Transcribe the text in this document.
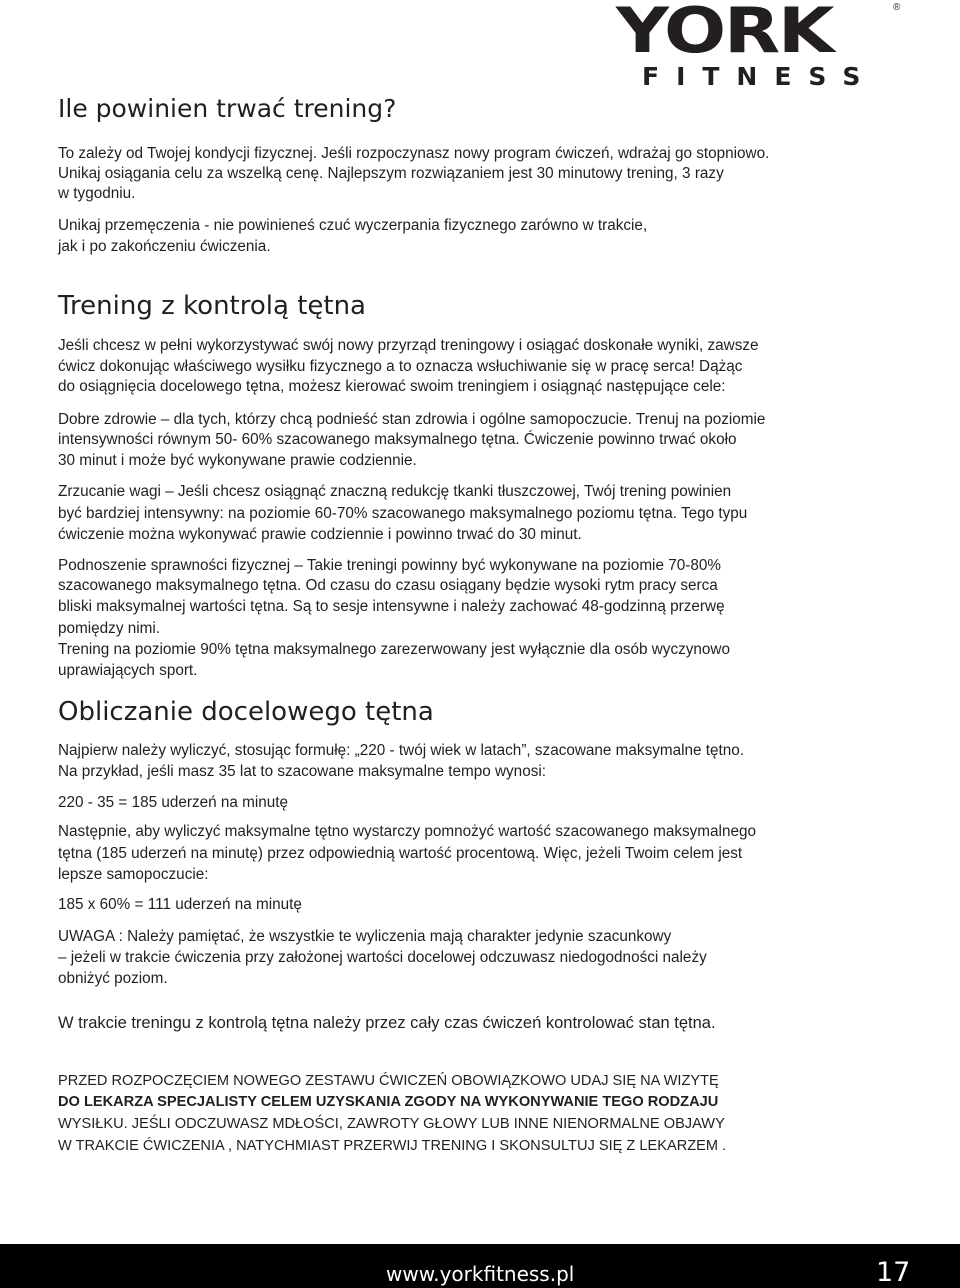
YORK	®
FITNESS
Ile powinien trwać trening?
To zależy od Twojej kondycji fizycznej. Jeśli rozpoczynasz nowy program ćwiczeń, wdrażaj go stopniowo.
Unikaj osiągania celu za wszelką cenę. Najlepszym rozwiązaniem jest 30 minutowy trening, 3 razy
w tygodniu.
Unikaj przemęczenia - nie powinieneś czuć wyczerpania fizycznego zarówno w trakcie,
jak i po zakończeniu ćwiczenia.
Trening z kontrolą tętna
Jeśli chcesz w pełni wykorzystywać swój nowy przyrząd treningowy i osiągać doskonałe wyniki, zawsze
ćwicz dokonując właściwego wysiłku fizycznego a to oznacza wsłuchiwanie się w pracę serca! Dążąc
do osiągnięcia docelowego tętna, możesz kierować swoim treningiem i osiągnąć następujące cele:
Dobre zdrowie – dla tych, którzy chcą podnieść stan zdrowia i ogólne samopoczucie. Trenuj na poziomie
intensywności równym 50- 60% szacowanego maksymalnego tętna. Ćwiczenie powinno trwać około
30 minut i może być wykonywane prawie codziennie.
Zrzucanie wagi – Jeśli chcesz osiągnąć znaczną redukcję tkanki tłuszczowej, Twój trening powinien
być bardziej intensywny: na poziomie 60-70% szacowanego maksymalnego poziomu tętna. Tego typu
ćwiczenie można wykonywać prawie codziennie i powinno trwać do 30 minut.
Podnoszenie sprawności fizycznej – Takie treningi powinny być wykonywane na poziomie 70-80%
szacowanego maksymalnego tętna. Od czasu do czasu osiągany będzie wysoki rytm pracy serca
bliski maksymalnej wartości tętna. Są to sesje intensywne i należy zachować 48-godzinną przerwę
pomiędzy nimi.
Trening na poziomie 90% tętna maksymalnego zarezerwowany jest wyłącznie dla osób wyczynowo
uprawiających sport.
Obliczanie docelowego tętna
Najpierw należy wyliczyć, stosując formułę: „220 - twój wiek w latach”, szacowane maksymalne tętno.
Na przykład, jeśli masz 35 lat to szacowane maksymalne tempo wynosi:
220 - 35 = 185 uderzeń na minutę
Następnie, aby wyliczyć maksymalne tętno wystarczy pomnożyć wartość szacowanego maksymalnego
tętna (185 uderzeń na minutę) przez odpowiednią wartość procentową. Więc, jeżeli Twoim celem jest
lepsze samopoczucie:
185 x 60% = 111 uderzeń na minutę
UWAGA : Należy pamiętać, że wszystkie te wyliczenia mają charakter jedynie szacunkowy
– jeżeli w trakcie ćwiczenia przy założonej wartości docelowej odczuwasz niedogodności należy
obniżyć poziom.
W trakcie treningu z kontrolą tętna należy przez cały czas ćwiczeń kontrolować stan tętna.
PRZED ROZPOCZĘCIEM NOWEGO ZESTAWU ĆWICZEŃ OBOWIĄZKOWO UDAJ SIĘ NA WIZYTĘ
DO LEKARZA SPECJALISTY CELEM UZYSKANIA ZGODY NA WYKONYWANIE TEGO RODZAJU
WYSIŁKU. JEŚLI ODCZUWASZ MDŁOŚCI, ZAWROTY GŁOWY LUB INNE NIENORMALNE OBJAWY
W TRAKCIE ĆWICZENIA , NATYCHMIAST PRZERWIJ TRENING I SKONSULTUJ SIĘ Z LEKARZEM .
www.yorkfitness.pl	17
